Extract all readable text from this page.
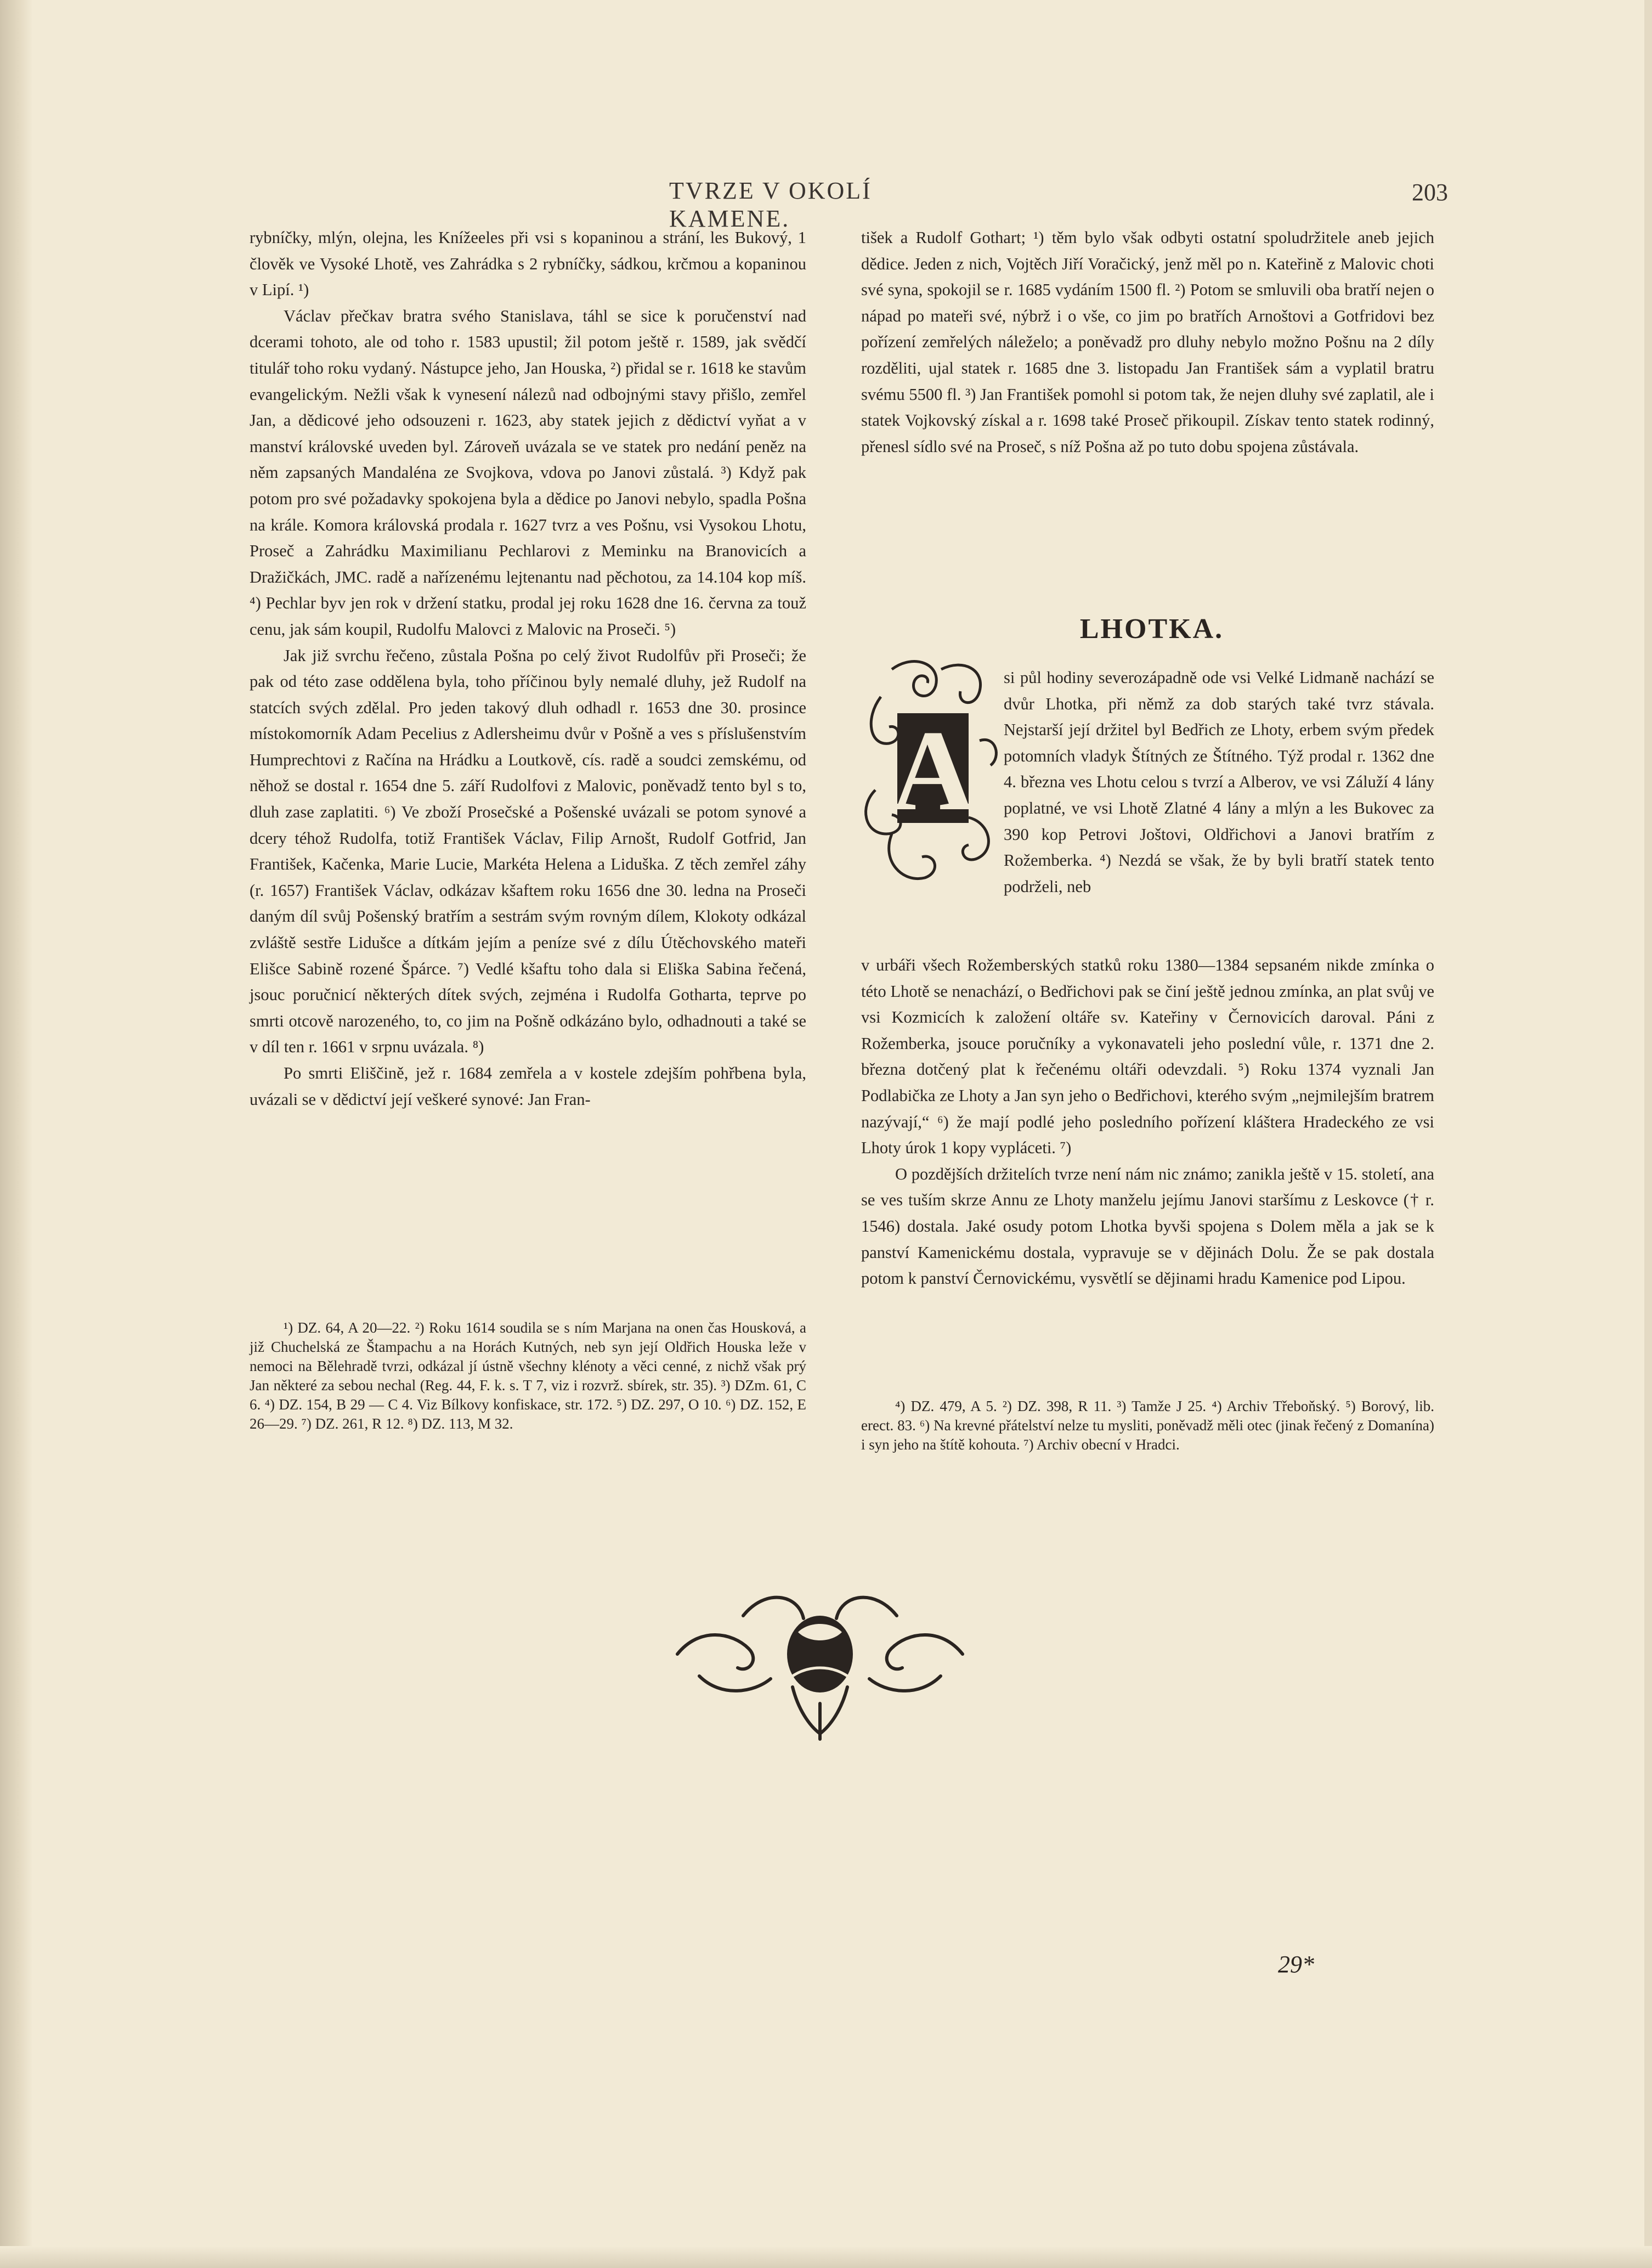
TVRZE V OKOLÍ KAMENE.
203

rybníčky, mlýn, olejna, les Knížeeles při vsi s kopaninou a strání, les Bukový, 1 člověk ve Vysoké Lhotě, ves Zahrádka s 2 rybníčky, sádkou, krčmou a kopaninou v Lipí. ¹)

Václav přečkav bratra svého Stanislava, táhl se sice k poručenství nad dcerami tohoto, ale od toho r. 1583 upustil; žil potom ještě r. 1589, jak svědčí titulář toho roku vydaný. Nástupce jeho, Jan Houska, ²) přidal se r. 1618 ke stavům evangelickým. Nežli však k vynesení nálezů nad odbojnými stavy přišlo, zemřel Jan, a dědicové jeho odsouzeni r. 1623, aby statek jejich z dědictví vyňat a v manství královské uveden byl. Zároveň uvázala se ve statek pro nedání peněz na něm zapsaných Mandaléna ze Svojkova, vdova po Janovi zůstalá. ³) Když pak potom pro své požadavky spokojena byla a dědice po Janovi nebylo, spadla Pošna na krále. Komora královská prodala r. 1627 tvrz a ves Pošnu, vsi Vysokou Lhotu, Proseč a Zahrádku Maximilianu Pechlarovi z Meminku na Branovicích a Dražičkách, JMC. radě a nařízenému lejtenantu nad pěchotou, za 14.104 kop míš. ⁴) Pechlar byv jen rok v držení statku, prodal jej roku 1628 dne 16. června za touž cenu, jak sám koupil, Rudolfu Malovci z Malovic na Proseči. ⁵)

Jak již svrchu řečeno, zůstala Pošna po celý život Rudolfův při Proseči; že pak od této zase oddělena byla, toho příčinou byly nemalé dluhy, jež Rudolf na statcích svých zdělal. Pro jeden takový dluh odhadl r. 1653 dne 30. prosince místokomorník Adam Pecelius z Adlersheimu dvůr v Pošně a ves s příslušenstvím Humprechtovi z Račína na Hrádku a Loutkově, cís. radě a soudci zemskému, od něhož se dostal r. 1654 dne 5. září Rudolfovi z Malovic, poněvadž tento byl s to, dluh zase zaplatiti. ⁶) Ve zboží Prosečské a Pošenské uvázali se potom synové a dcery téhož Rudolfa, totiž František Václav, Filip Arnošt, Rudolf Gotfrid, Jan František, Kačenka, Marie Lucie, Markéta Helena a Liduška. Z těch zemřel záhy (r. 1657) František Václav, odkázav kšaftem roku 1656 dne 30. ledna na Proseči daným díl svůj Pošenský bratřím a sestrám svým rovným dílem, Klokoty odkázal zvláště sestře Lidušce a dítkám jejím a peníze své z dílu Útěchovského mateři Elišce Sabině rozené Špárce. ⁷) Vedlé kšaftu toho dala si Eliška Sabina řečená, jsouc poručnicí některých dítek svých, zejména i Rudolfa Gotharta, teprve po smrti otcově narozeného, to, co jim na Pošně odkázáno bylo, odhadnouti a také se v díl ten r. 1661 v srpnu uvázala. ⁸)

Po smrti Eliščině, jež r. 1684 zemřela a v kostele zdejším pohřbena byla, uvázali se v dědictví její veškeré synové: Jan Fran-

¹) DZ. 64, A 20—22. ²) Roku 1614 soudila se s ním Marjana na onen čas Housková, a již Chuchelská ze Štampachu a na Horách Kutných, neb syn její Oldřich Houska leže v nemoci na Bělehradě tvrzi, odkázal jí ústně všechny klénoty a věci cenné, z nichž však prý Jan některé za sebou nechal (Reg. 44, F. k. s. T 7, viz i rozvrž. sbírek, str. 35). ³) DZm. 61, C 6. ⁴) DZ. 154, B 29 — C 4. Viz Bílkovy konfiskace, str. 172. ⁵) DZ. 297, O 10. ⁶) DZ. 152, E 26—29. ⁷) DZ. 261, R 12. ⁸) DZ. 113, M 32.

tišek a Rudolf Gothart; ¹) těm bylo však odbyti ostatní spoludržitele aneb jejich dědice. Jeden z nich, Vojtěch Jiří Voračický, jenž měl po n. Kateřině z Malovic choti své syna, spokojil se r. 1685 vydáním 1500 fl. ²) Potom se smluvili oba bratří nejen o nápad po mateři své, nýbrž i o vše, co jim po bratřích Arnoštovi a Gotfridovi bez pořízení zemřelých náleželo; a poněvadž pro dluhy nebylo možno Pošnu na 2 díly rozděliti, ujal statek r. 1685 dne 3. listopadu Jan František sám a vyplatil bratru svému 5500 fl. ³) Jan František pomohl si potom tak, že nejen dluhy své zaplatil, ale i statek Vojkovský získal a r. 1698 také Proseč přikoupil. Získav tento statek rodinný, přenesl sídlo své na Proseč, s níž Pošna až po tuto dobu spojena zůstávala.

LHOTKA.
A
si půl hodiny severozápadně ode vsi Velké Lidmaně nachází se dvůr Lhotka, při němž za dob starých také tvrz stávala. Nejstarší její držitel byl Bedřich ze Lhoty, erbem svým předek potomních vladyk Štítných ze Štítného. Týž prodal r. 1362 dne 4. března ves Lhotu celou s tvrzí a Alberov, ve vsi Záluží 4 lány poplatné, ve vsi Lhotě Zlatné 4 lány a mlýn a les Bukovec za 390 kop Petrovi Joštovi, Oldřichovi a Janovi bratřím z Rožemberka. ⁴) Nezdá se však, že by byli bratří statek tento podrželi, neb

v urbáři všech Rožemberských statků roku 1380—1384 sepsaném nikde zmínka o této Lhotě se nenachází, o Bedřichovi pak se činí ještě jednou zmínka, an plat svůj ve vsi Kozmicích k založení oltáře sv. Kateřiny v Černovicích daroval. Páni z Rožemberka, jsouce poručníky a vykonavateli jeho poslední vůle, r. 1371 dne 2. března dotčený plat k řečenému oltáři odevzdali. ⁵) Roku 1374 vyznali Jan Podlabička ze Lhoty a Jan syn jeho o Bedřichovi, kterého svým „nejmilejším bratrem nazývají,“ ⁶) že mají podlé jeho posledního pořízení kláštera Hradeckého ze vsi Lhoty úrok 1 kopy vypláceti. ⁷)

O pozdějších držitelích tvrze není nám nic známo; zanikla ještě v 15. století, ana se ves tuším skrze Annu ze Lhoty manželu jejímu Janovi staršímu z Leskovce († r. 1546) dostala. Jaké osudy potom Lhotka byvši spojena s Dolem měla a jak se k panství Kamenickému dostala, vypravuje se v dějinách Dolu. Že se pak dostala potom k panství Černovickému, vysvětlí se dějinami hradu Kamenice pod Lipou.

⁴) DZ. 479, A 5. ²) DZ. 398, R 11. ³) Tamže J 25. ⁴) Archiv Třeboňský. ⁵) Borový, lib. erect. 83. ⁶) Na krevné přátelství nelze tu mysliti, poněvadž měli otec (jinak řečený z Domanína) i syn jeho na štítě kohouta. ⁷) Archiv obecní v Hradci.
29*
